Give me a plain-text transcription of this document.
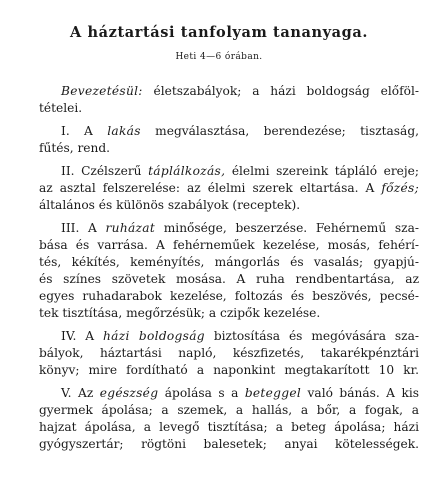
A háztartási tanfolyam tananyaga.
Heti 4—6 órában.
Bevezetésül: életszabályok; a házi boldogság előföl-
tételei.
I. A lakás megválasztása, berendezése; tisztaság,
fűtés, rend.
II. Czélszerű táplálkozás, élelmi szereink tápláló ereje;
az asztal felszerelése: az élelmi szerek eltartása. A főzés;
általános és különös szabályok (receptek).
III. A ruházat minősége, beszerzése. Fehérnemű sza-
bása és varrása. A fehérneműek kezelése, mosás, fehérí-
tés, kékítés, keményítés, mángorlás és vasalás; gyapjú-
és színes szövetek mosása. A ruha rendbentartása, az
egyes ruhadarabok kezelése, foltozás és beszövés, pecsé-
tek tisztítása, megőrzésük; a czipők kezelése.
IV. A házi boldogság biztosítása és megóvására sza-
bályok, háztartási napló, készfizetés, takarékpénztári
könyv; mire fordítható a naponkint megtakarított 10 kr.
V. Az egészség ápolása s a beteggel való bánás. A kis
gyermek ápolása; a szemek, a hallás, a bőr, a fogak, a
hajzat ápolása, a levegő tisztítása; a beteg ápolása; házi
gyógyszertár; rögtöni balesetek; anyai kötelességek.
